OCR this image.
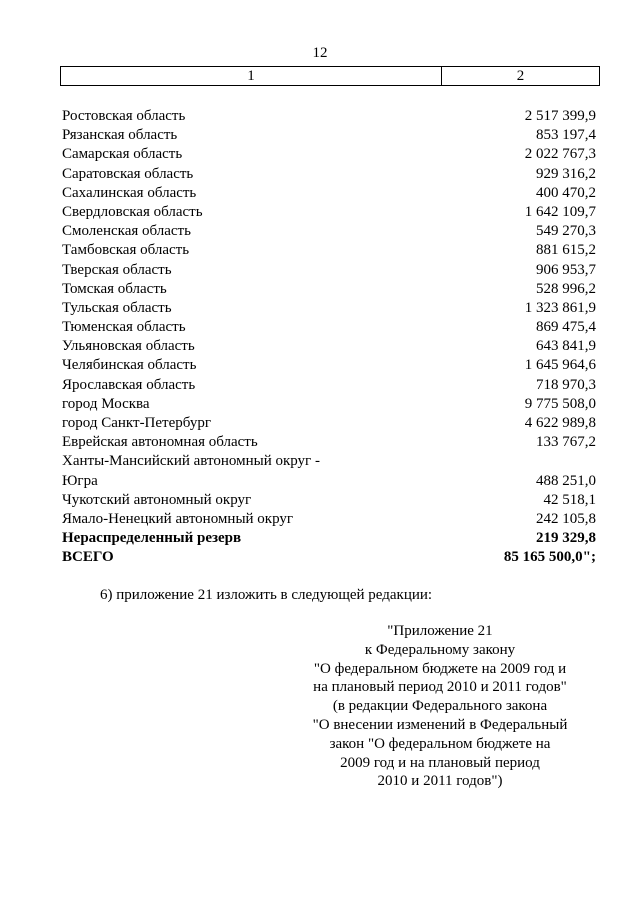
12
1	2
Ростовская область	2 517 399,9
Рязанская область	853 197,4
Самарская область	2 022 767,3
Саратовская область	929 316,2
Сахалинская область	400 470,2
Свердловская область	1 642 109,7
Смоленская область	549 270,3
Тамбовская область	881 615,2
Тверская область	906 953,7
Томская область	528 996,2
Тульская область	1 323 861,9
Тюменская область	869 475,4
Ульяновская область	643 841,9
Челябинская область	1 645 964,6
Ярославская область	718 970,3
город Москва	9 775 508,0
город Санкт-Петербург	4 622 989,8
Еврейская автономная область	133 767,2
Ханты-Мансийский автономный округ -
Югра	488 251,0
Чукотский автономный округ	42 518,1
Ямало-Ненецкий автономный округ	242 105,8
Нераспределенный резерв	219 329,8
ВСЕГО	85 165 500,0";
6) приложение 21 изложить в следующей редакции:
"Приложение 21
к Федеральному закону
"О федеральном бюджете на 2009 год и
на плановый период 2010 и 2011 годов"
(в редакции Федерального закона
"О внесении изменений в Федеральный
закон "О федеральном бюджете на
2009 год и на плановый период
2010 и 2011 годов")
